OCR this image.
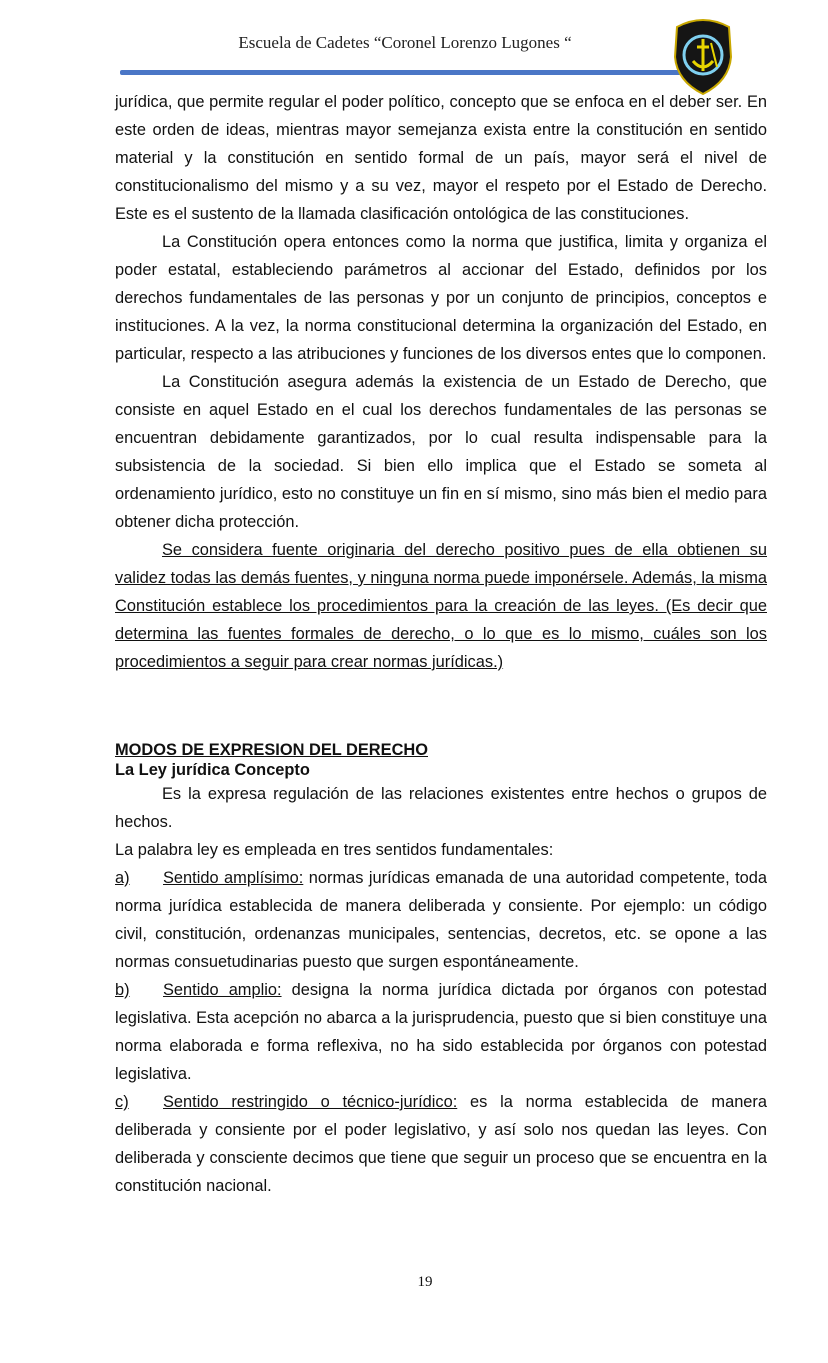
Escuela de Cadetes “Coronel Lorenzo Lugones “

jurídica, que permite regular el poder político, concepto que se enfoca en el deber ser. En este orden de ideas, mientras mayor semejanza exista entre la constitución en sentido material y la constitución en sentido formal de un país, mayor será el nivel de constitucionalismo del mismo y a su vez, mayor el respeto por el Estado de Derecho. Este es el sustento de la llamada clasificación ontológica de las constituciones.

La Constitución opera entonces como la norma que justifica, limita y organiza el poder estatal, estableciendo parámetros al accionar del Estado, definidos por los derechos fundamentales de las personas y por un conjunto de principios, conceptos e instituciones. A la vez, la norma constitucional determina la organización del Estado, en particular, respecto a las atribuciones y funciones de los diversos entes que lo componen.

La Constitución asegura además la existencia de un Estado de Derecho, que consiste en aquel Estado en el cual los derechos fundamentales de las personas se encuentran debidamente garantizados, por lo cual resulta indispensable para la subsistencia de la sociedad. Si bien ello implica que el Estado se someta al ordenamiento jurídico, esto no constituye un fin en sí mismo, sino más bien el medio para obtener dicha protección.

Se considera fuente originaria del derecho positivo pues de ella obtienen su validez todas las demás fuentes, y ninguna norma puede imponérsele. Además, la misma Constitución establece los procedimientos para la creación de las leyes. (Es decir que determina las fuentes formales de derecho, o lo que es lo mismo, cuáles son los procedimientos a seguir para crear normas jurídicas.)

MODOS DE EXPRESION DEL DERECHO
La Ley jurídica Concepto

Es la expresa regulación de las relaciones existentes entre hechos o grupos de hechos.

La palabra ley es empleada en tres sentidos fundamentales:

a) Sentido amplísimo: normas jurídicas emanada de una autoridad competente, toda norma jurídica establecida de manera deliberada y consiente. Por ejemplo: un código civil, constitución, ordenanzas municipales, sentencias, decretos, etc. se opone a las normas consuetudinarias puesto que surgen espontáneamente.

b) Sentido amplio: designa la norma jurídica dictada por órganos con potestad legislativa. Esta acepción no abarca a la jurisprudencia, puesto que si bien constituye una norma elaborada e forma reflexiva, no ha sido establecida por órganos con potestad legislativa.

c) Sentido restringido o técnico-jurídico: es la norma establecida de manera deliberada y consiente por el poder legislativo, y así solo nos quedan las leyes. Con deliberada y consciente decimos que tiene que seguir un proceso que se encuentra en la constitución nacional.

19
